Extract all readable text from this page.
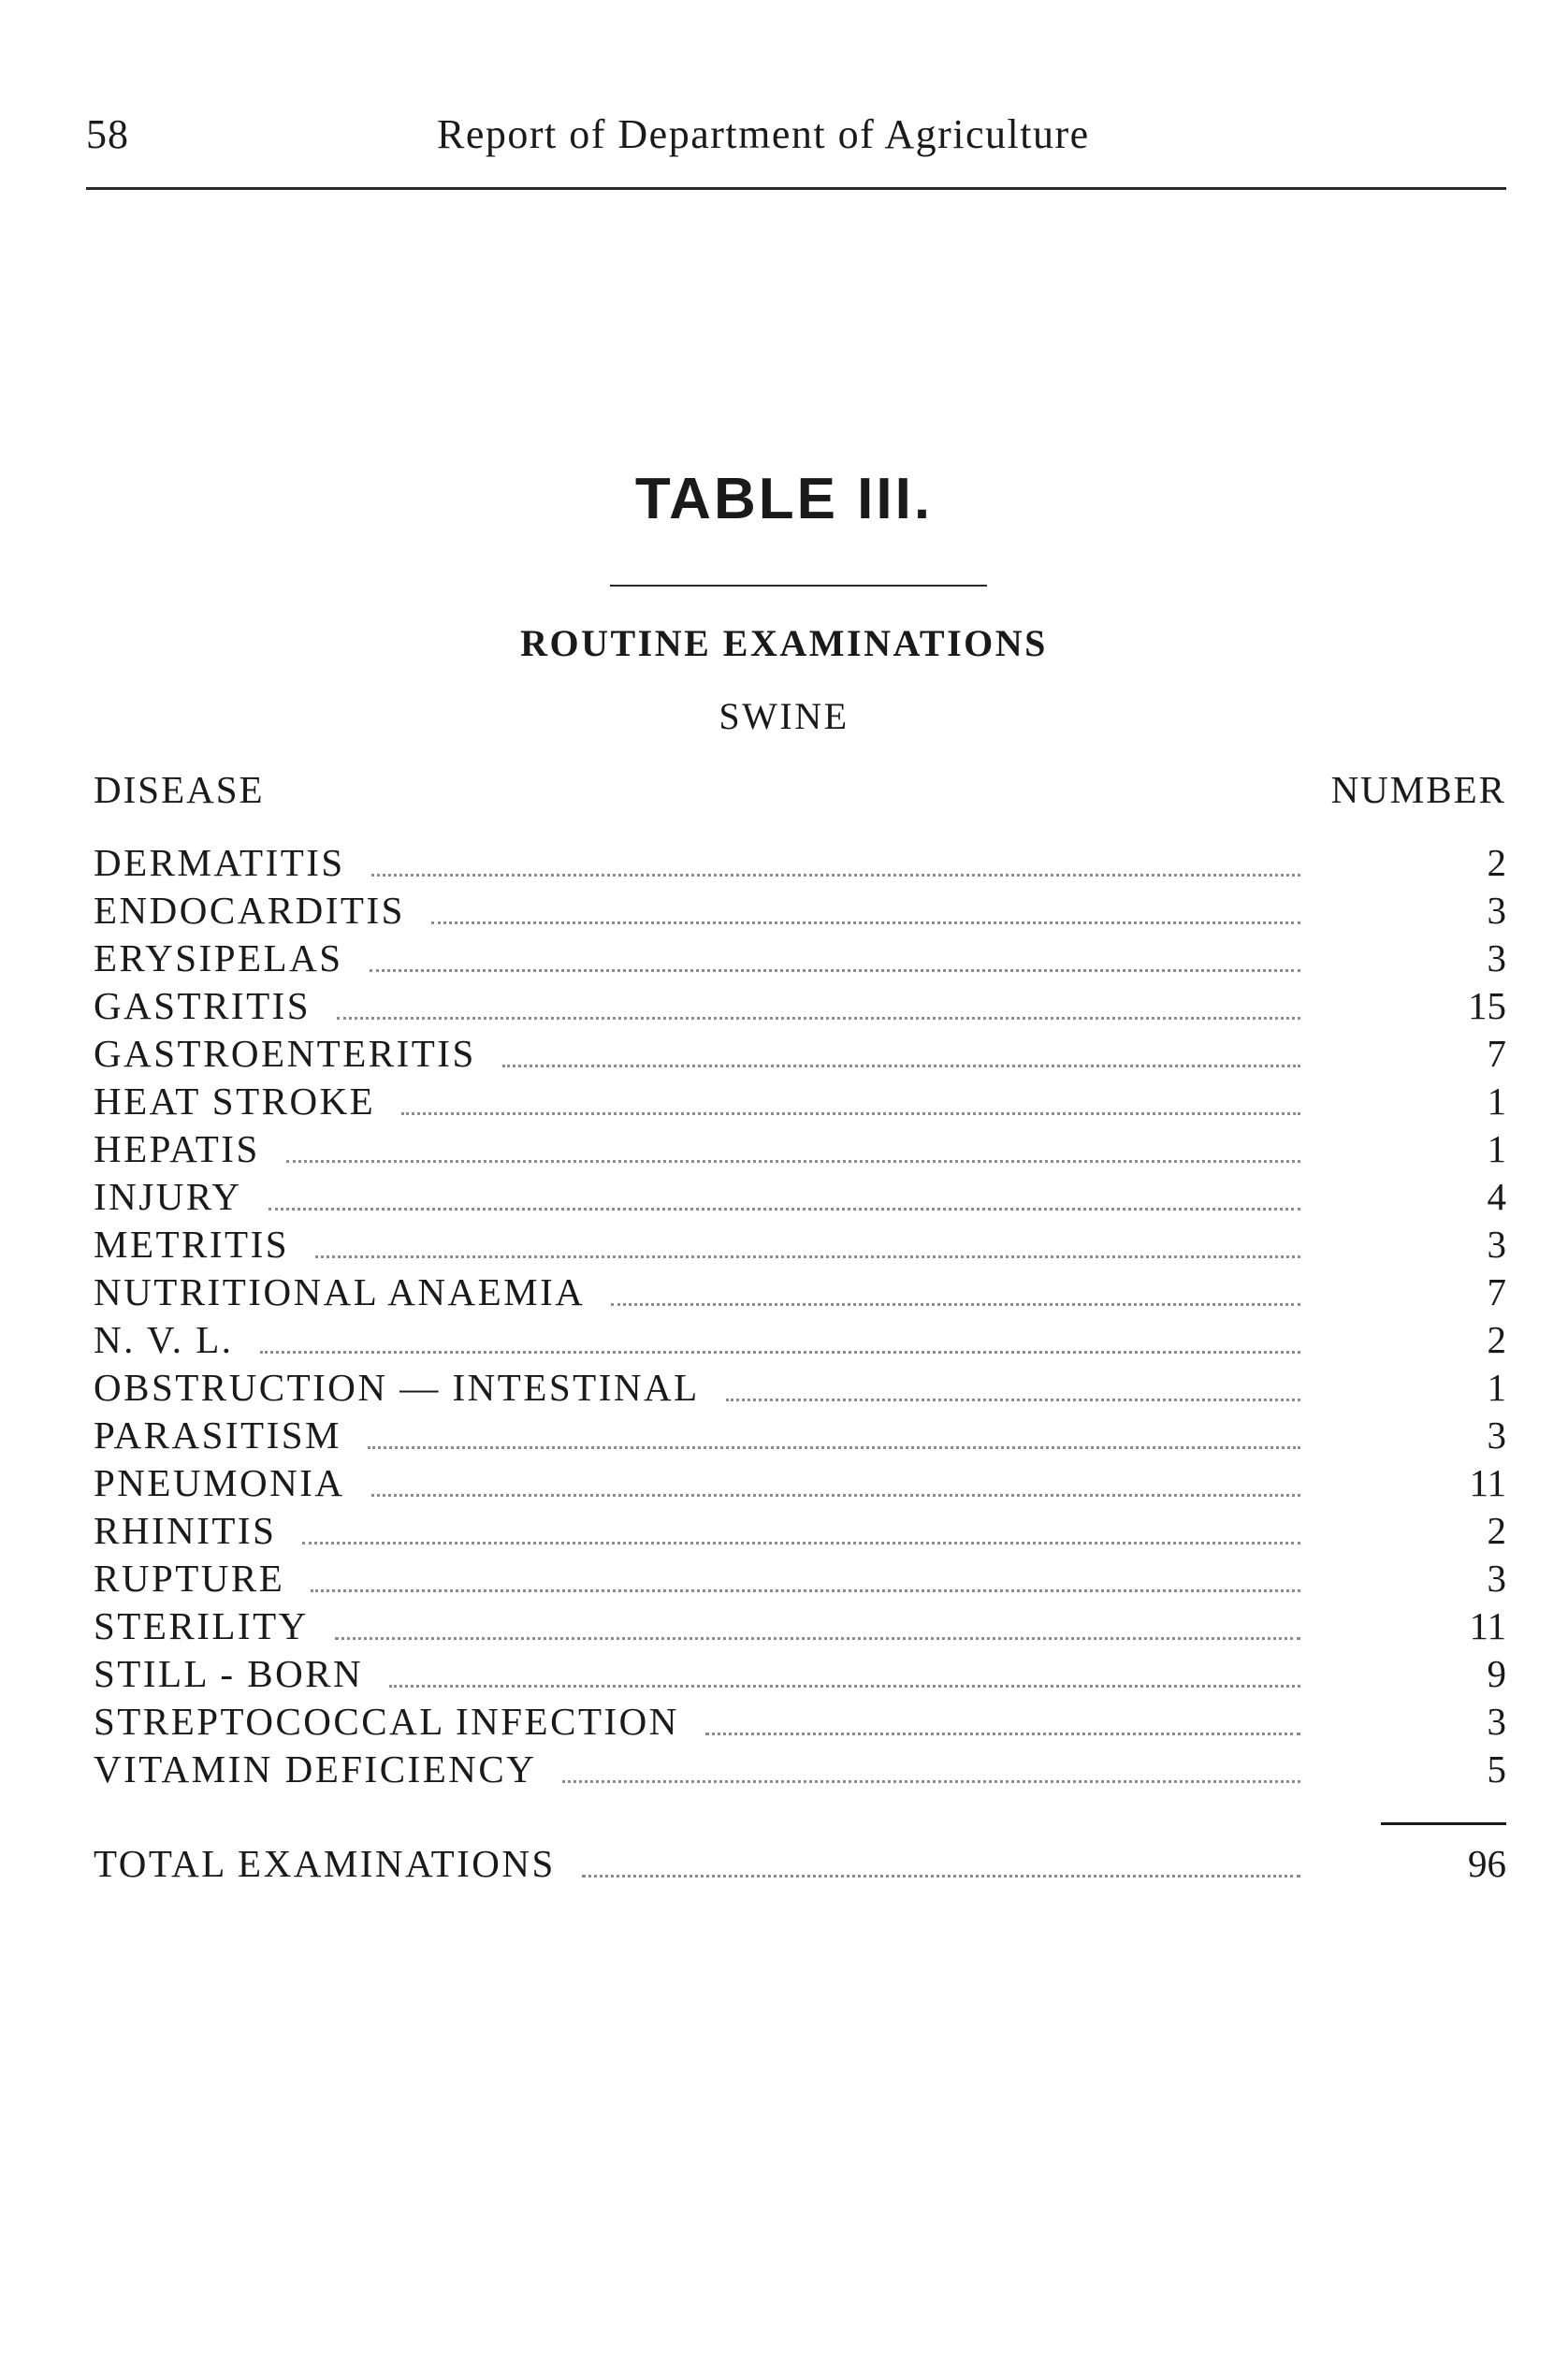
58	Report of Department of Agriculture
TABLE III.
ROUTINE EXAMINATIONS
SWINE
DISEASE	NUMBER
DERMATITIS	2
ENDOCARDITIS	3
ERYSIPELAS	3
GASTRITIS	15
GASTROENTERITIS	7
HEAT STROKE	1
HEPATIS	1
INJURY	4
METRITIS	3
NUTRITIONAL ANAEMIA	7
N. V. L.	2
OBSTRUCTION — INTESTINAL	1
PARASITISM	3
PNEUMONIA	11
RHINITIS	2
RUPTURE	3
STERILITY	11
STILL - BORN	9
STREPTOCOCCAL INFECTION	3
VITAMIN DEFICIENCY	5
TOTAL EXAMINATIONS	96
